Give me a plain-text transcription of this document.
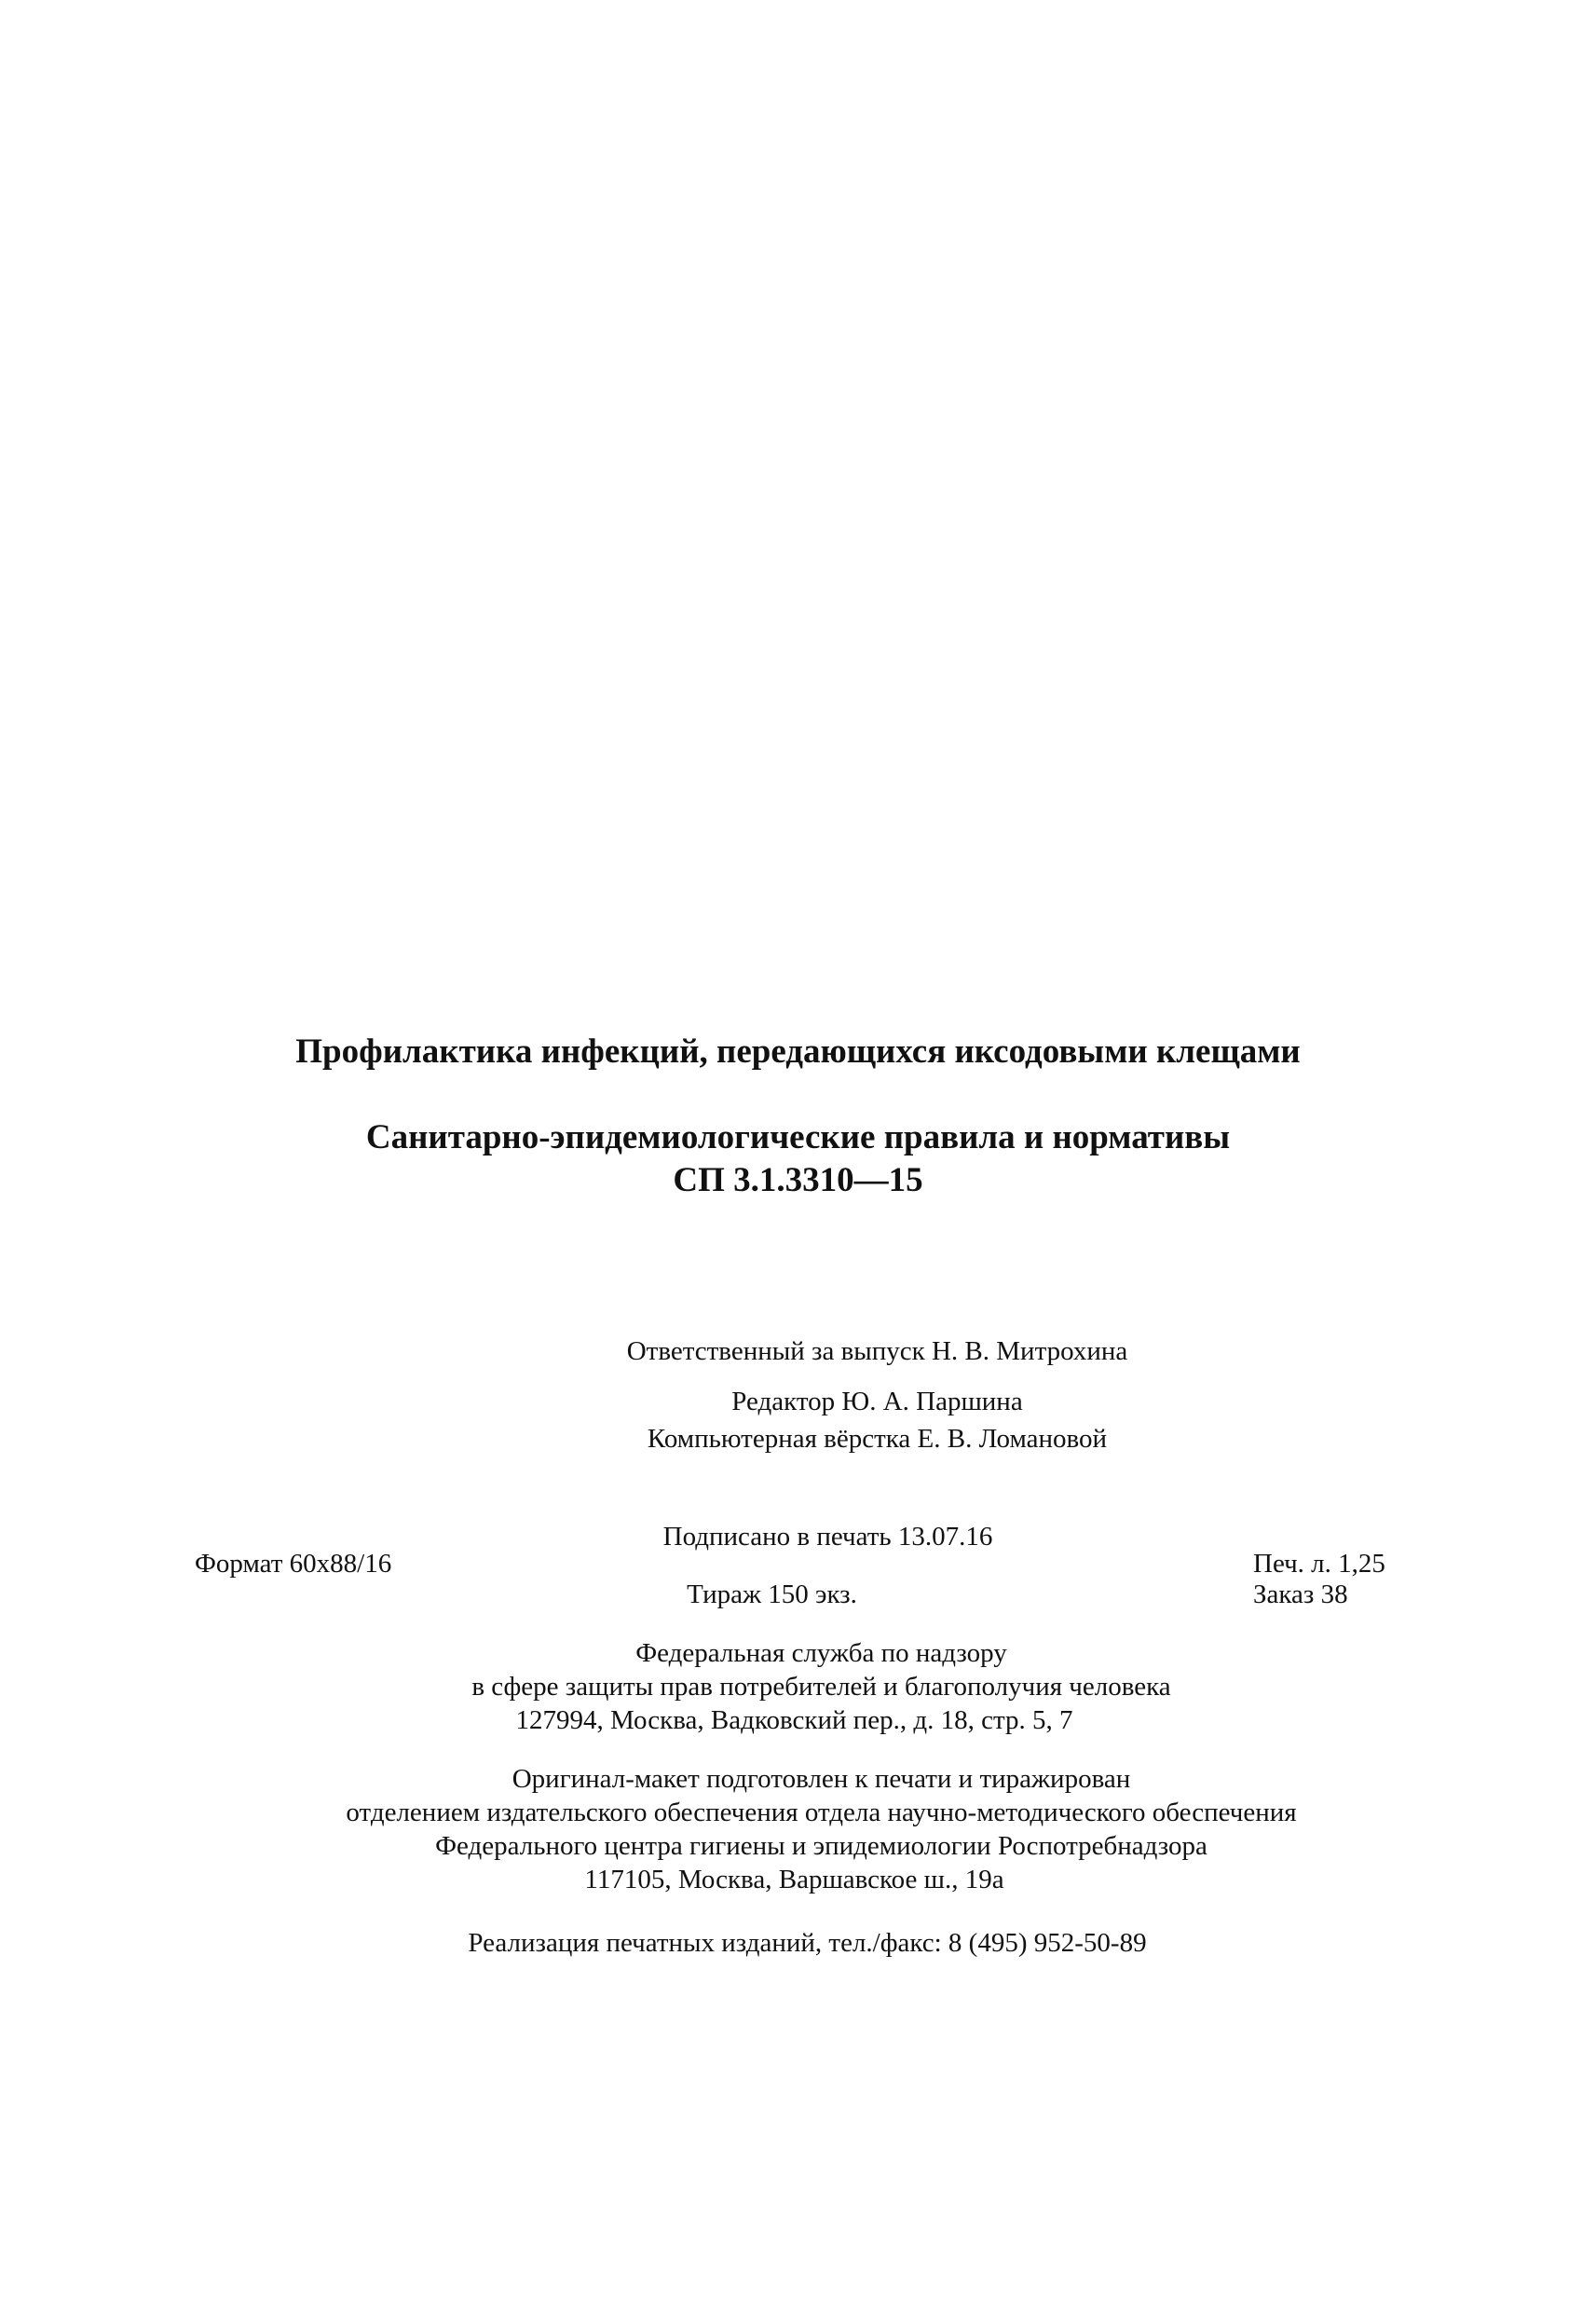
Профилактика инфекций, передающихся иксодовыми клещами
Санитарно-эпидемиологические правила и нормативы
СП 3.1.3310—15
Ответственный за выпуск Н. В. Митрохина
Редактор Ю. А. Паршина
Компьютерная вёрстка Е. В. Ломановой
Подписано в печать 13.07.16
Формат 60x88/16	Печ. л. 1,25
Тираж 150 экз.	Заказ 38
Федеральная служба по надзору
в сфере защиты прав потребителей и благополучия человека
127994, Москва, Вадковский пер., д. 18, стр. 5, 7
Оригинал-макет подготовлен к печати и тиражирован
отделением издательского обеспечения отдела научно-методического обеспечения
Федерального центра гигиены и эпидемиологии Роспотребнадзора
117105, Москва, Варшавское ш., 19а
Реализация печатных изданий, тел./факс: 8 (495) 952-50-89
